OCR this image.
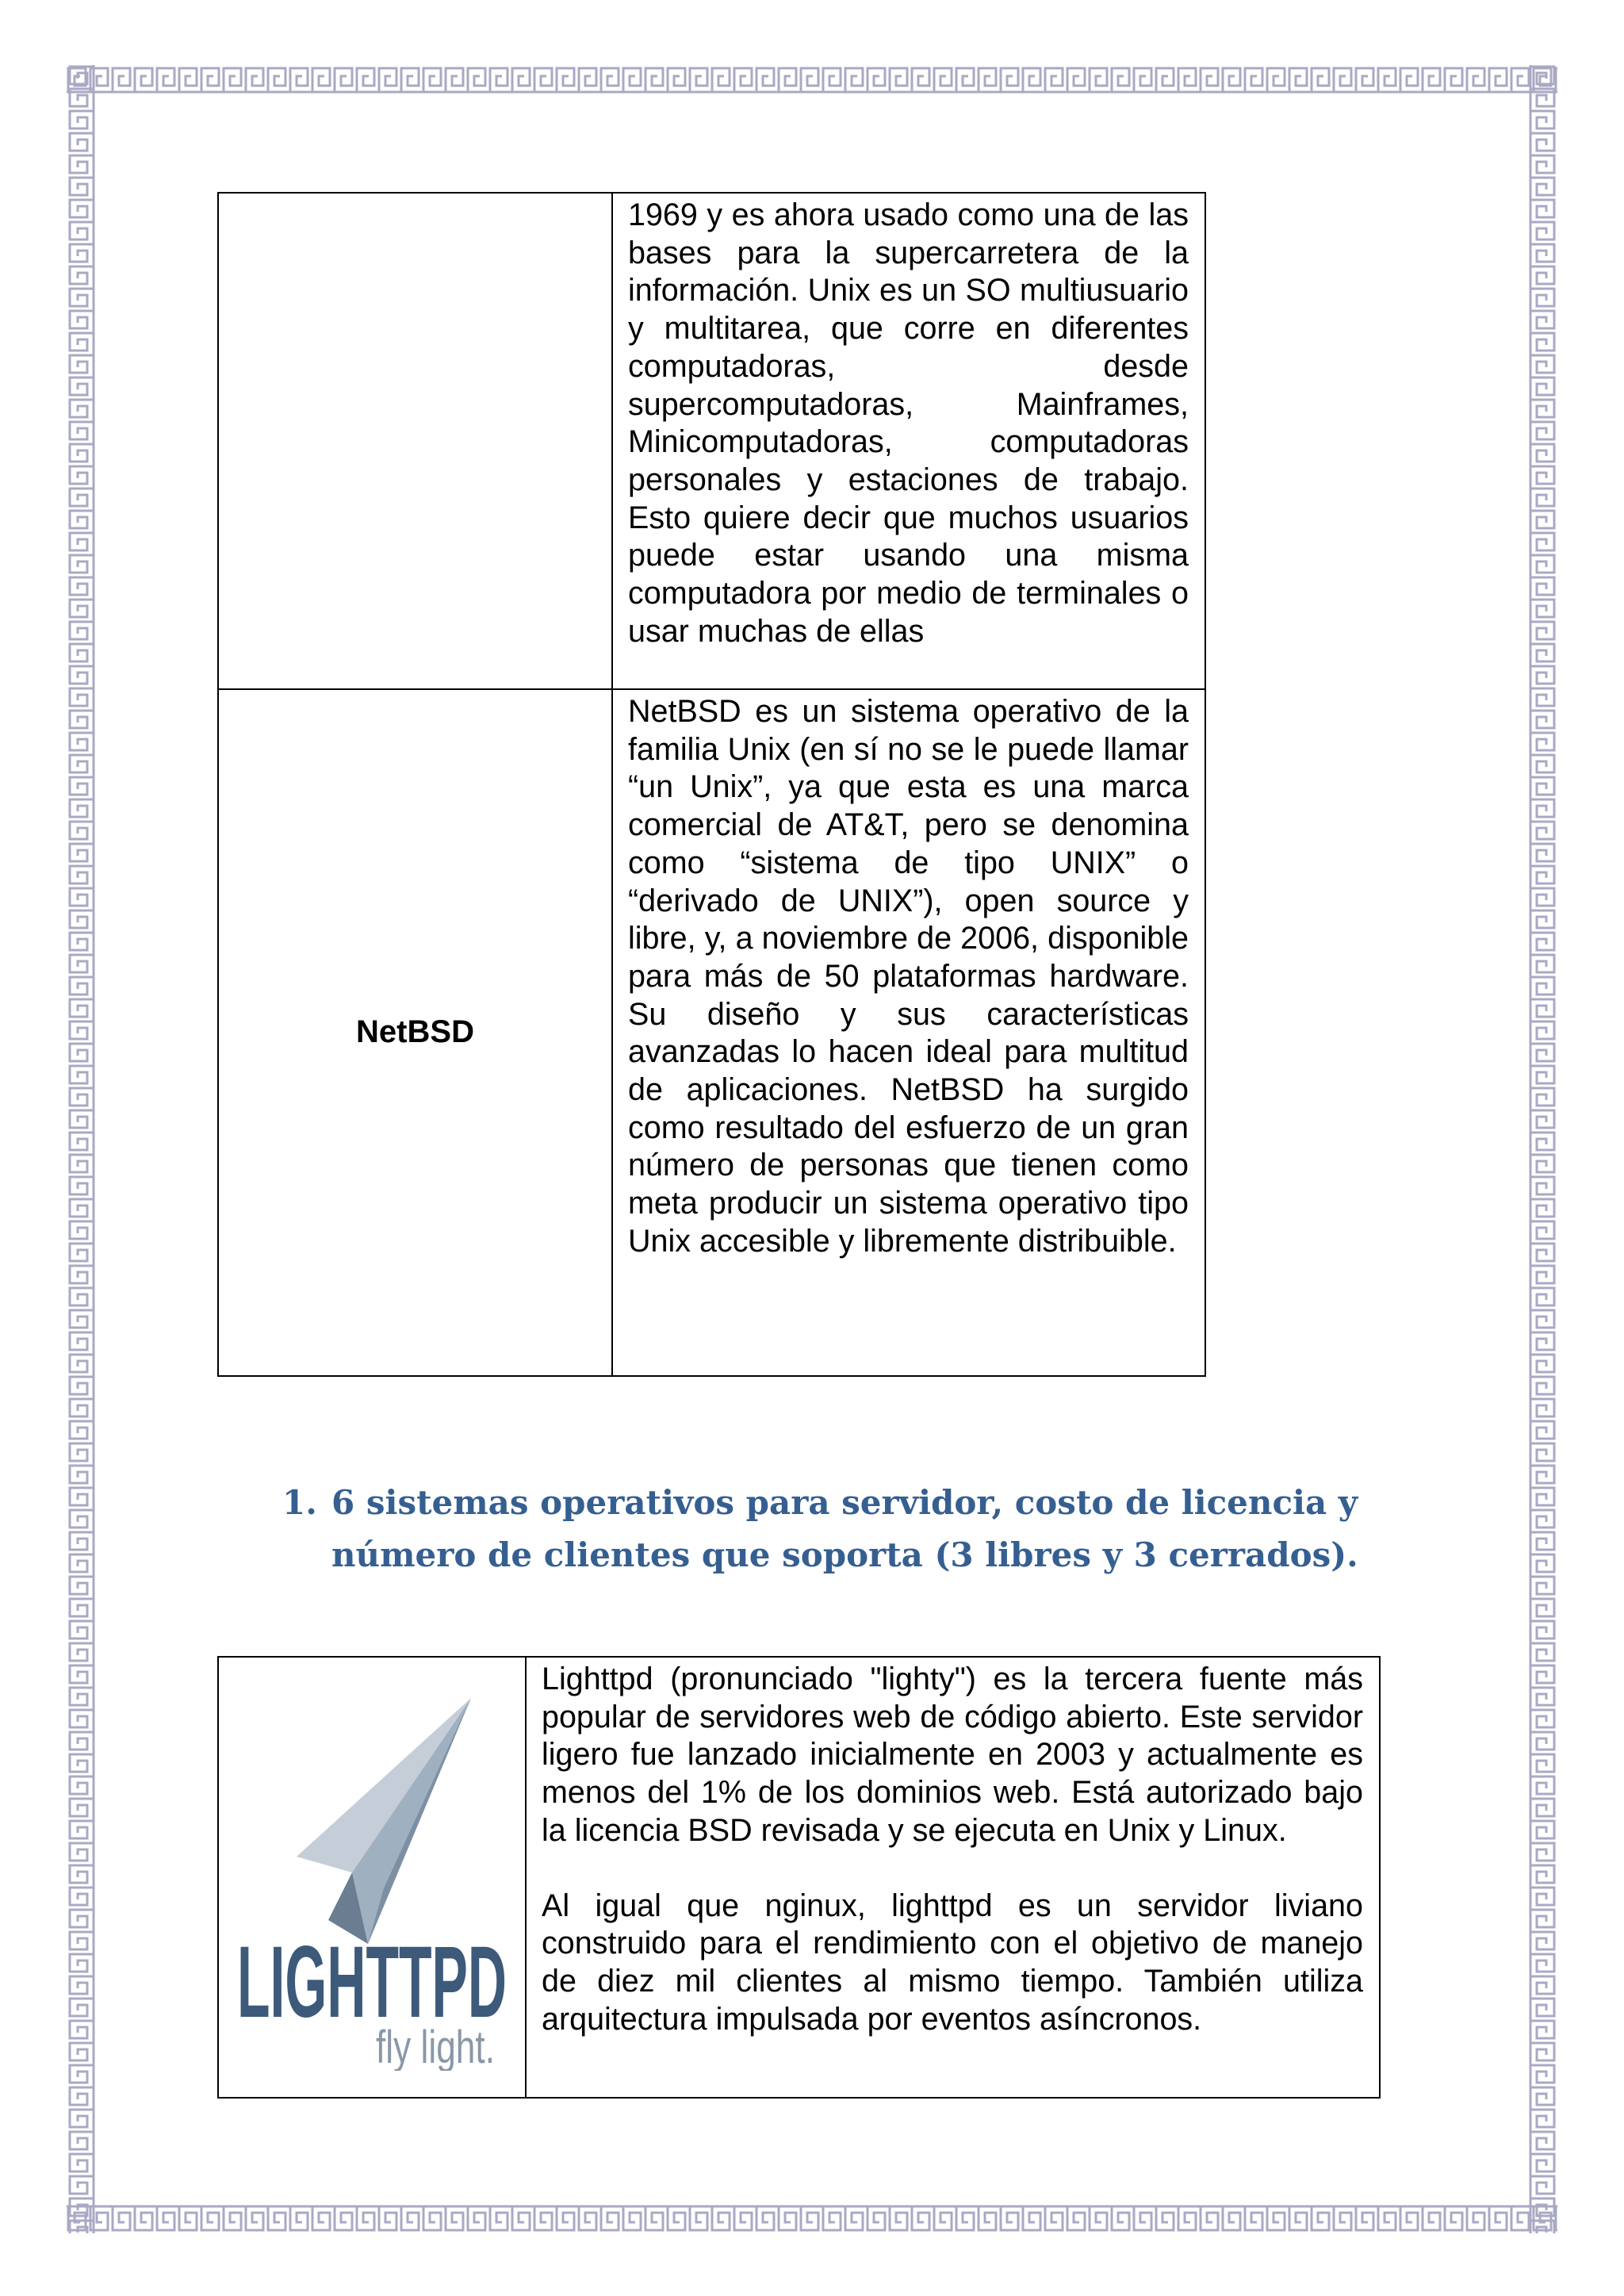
	1969 y es ahora usado como una de las bases para la supercarretera de la información. Unix es un SO multiusuario y multitarea, que corre en diferentes computadoras, desde supercomputadoras, Mainframes, Minicomputadoras, computadoras personales y estaciones de trabajo. Esto quiere decir que muchos usuarios puede estar usando una misma computadora por medio de terminales o usar muchas de ellas

NetBSD	NetBSD es un sistema operativo de la familia Unix (en sí no se le puede llamar “un Unix”, ya que esta es una marca comercial de AT&T, pero se denomina como “sistema de tipo UNIX” o “derivado de UNIX”), open source y libre, y, a noviembre de 2006, disponible para más de 50 plataformas hardware. Su diseño y sus características avanzadas lo hacen ideal para multitud de aplicaciones. NetBSD ha surgido como resultado del esfuerzo de un gran número de personas que tienen como meta producir un sistema operativo tipo Unix accesible y libremente distribuible.
1. 6 sistemas operativos para servidor, costo de licencia y número de clientes que soporta (3 libres y 3 cerrados).
LIGHTTPD
fly light.

Lighttpd (pronunciado "lighty") es la tercera fuente más popular de servidores web de código abierto. Este servidor ligero fue lanzado inicialmente en 2003 y actualmente es menos del 1% de los dominios web. Está autorizado bajo la licencia BSD revisada y se ejecuta en Unix y Linux.
Al igual que nginux, lighttpd es un servidor liviano construido para el rendimiento con el objetivo de manejo de diez mil clientes al mismo tiempo. También utiliza arquitectura impulsada por eventos asíncronos.
